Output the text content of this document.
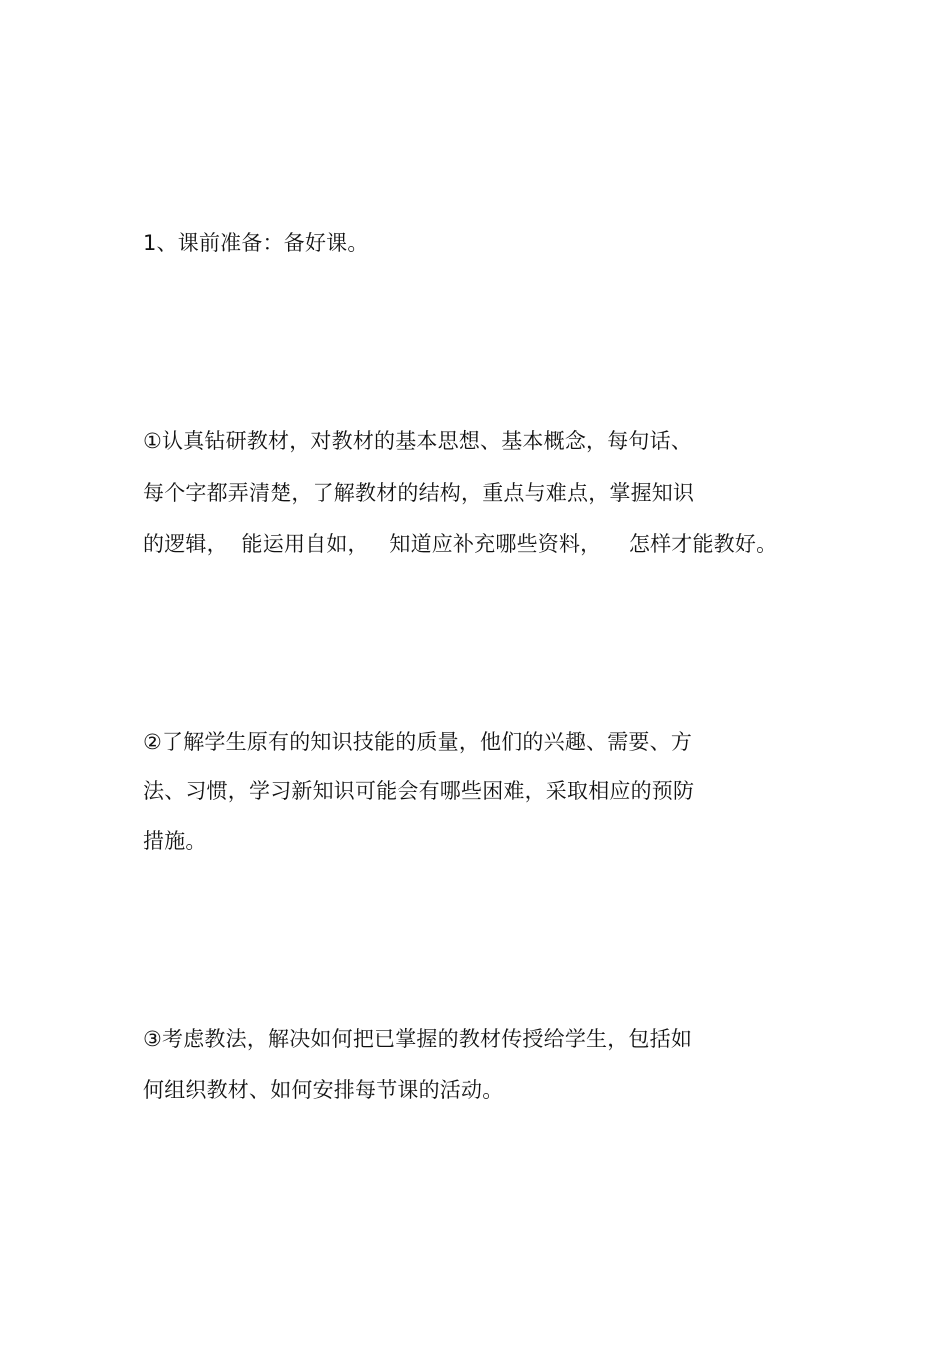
1、课前准备：备好课。
①认真钻研教材，对教材的基本思想、基本概念，每句话、
每个字都弄清楚，了解教材的结构，重点与难点，掌握知识
的逻辑，  能运用自如，   知道应补充哪些资料，    怎样才能教好。
②了解学生原有的知识技能的质量，他们的兴趣、需要、方
法、习惯，学习新知识可能会有哪些困难，采取相应的预防
措施。
③考虑教法，解决如何把已掌握的教材传授给学生，包括如
何组织教材、如何安排每节课的活动。
